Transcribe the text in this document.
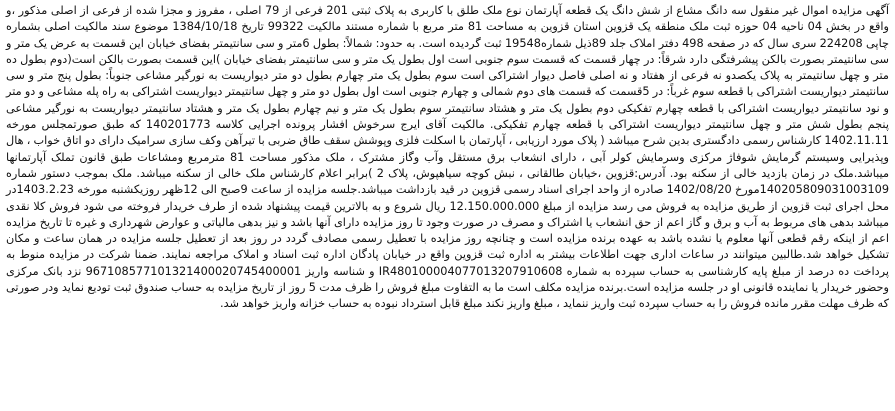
آگهی مزایده اموال غیر منقول سه دانگ مشاع از شش دانگ یک قطعه آپارتمان نوع ملک طلق با کاربری به پلاک ثبتی 201 فرعی از 79 اصلی ، مفروز و مجزا شده از فرعی از اصلی مذکور ،و واقع در بخش 04 ناحیه 04 حوزه ثبت ملک منطقه یک قزوین استان قزوین به مساحت 81 متر مربع با شماره مستند مالکیت 99322 تاریخ 1384/10/18 موضوع سند مالکیت اصلی بشماره چاپی 224208 سری سال که در صفحه 498 دفتر املاک جلد 89ذیل شماره19548 ثبت گردیده است. به حدود: شمالاً: بطول 6متر و سی سانتیمتر بفضای خیابان این قسمت به عرض یک متر و سی سانتیمتر بصورت بالکن پیشرفتگی دارد شرقاً: در چهار قسمت که قسمت سوم جنوبی است اول بطول یک متر و سی سانتیمتر بفضای خیابان )این قسمت بصورت بالکن است(دوم بطول ده متر و چهل سانتیمتر به پلاک یکصدو نه فرعی از هفتاد و نه اصلی فاصل دیوار اشتراکی است سوم بطول یک متر چهارم بطول دو متر دیواریست به نورگیر مشاعی جنوباً: بطول پنج متر و سی سانتیمتر دیواریست اشتراکی با قطعه سوم غرباً: در 5قسمت که قسمت های دوم شمالی و چهارم جنوبی است اول بطول دو متر و چهل سانتیمتر دیواریست اشتراکی به راه پله مشاعی و دو متر و نود سانتیمتر دیواریست اشتراکی با قطعه چهارم تفکیکی دوم بطول یک متر و هشتاد سانتیمتر سوم بطول یک متر و نیم چهارم بطول یک متر و هشتاد سانتیمتر دیواریست به نورگیر مشاعی پنجم بطول شش متر و چهل سانتیمتر دیواریست اشتراکی با قطعه چهارم تفکیکی. مالکیت آقای ایرج سرخوش افشار پرونده اجرایی کلاسه 140201773 که طبق صورتمجلس مورخه 1402.11.11 کارشناس رسمی دادگستری بدین شرح میباشد ( پلاک مورد ارزیابی ، آپارتمان با اسکلت فلزی وپوشش سقف طاق ضربی با تیرآهن وکف سازی سرامیک دارای دو اتاق خواب ، هال وپذیرایی وسیستم گرمایش شوفاژ مرکزی وسرمایش کولر آبی ، دارای انشعاب برق مستقل وآب وگاز مشترک ، ملک مذکور مساحت 81 مترمربع ومشاعات طبق قانون تملک آپارتمانها میباشد.ملک در زمان بازدید خالی از سکنه بود. آدرس:قزوین ،خیابان طالقانی ، نبش کوچه سیاهپوش، پلاک 2 )برابر اعلام کارشناس ملک خالی از سکنه میباشد. ملک بموجب دستور شماره 140205809031003109مورخ 1402/08/20 صادره از واحد اجرای اسناد رسمی قزوین در قید بازداشت میباشد.جلسه مزایده از ساعت 9صبح الی 12ظهر روزیکشنبه مورخه 1403.2.23در محل اجرای ثبت قزوین از طریق مزایده به فروش می رسد مزایده از مبلغ 12.150.000.000 ریال شروع و به بالاترین قیمت پیشنهاد شده از طرف خریدار فروخته می شود فروش کلا نقدی میباشد بدهی های مربوط به آب و برق و گاز اعم از حق انشعاب یا اشتراک و مصرف در صورت وجود تا روز مزایده دارای آنها باشد و نیز بدهی مالیاتی و عوارض شهرداری و غیره تا تاریخ مزایده اعم از اینکه رقم قطعی آنها معلوم یا نشده باشد به عهده برنده مزایده است و چنانچه روز مزایده با تعطیل رسمی مصادف گردد در روز بعد از تعطیل جلسه مزایده در همان ساعت و مکان تشکیل خواهد شد.طالبین میتوانند در ساعات اداری جهت اطلاعات بیشتر به اداره ثبت قزوین واقع در خیابان پادگان اداره ثبت اسناد و املاک مراجعه نمایند. ضمنا شرکت در مزایده منوط به پرداخت ده درصد از مبلغ پایه کارشناسی به حساب سپرده به شماره IR480100004077013207910608 و شناسه واریز 967108577101321400020745400001 نزد بانک مرکزی وحضور خریدار یا نماینده قانونی او در جلسه مزایده است.برنده مزایده مکلف است ما به التفاوت مبلغ فروش را ظرف مدت 5 روز از تاریخ مزایده به حساب صندوق ثبت تودیع نماید ودر صورتی که ظرف مهلت مقرر مانده فروش را به حساب سپرده ثبت واریز ننماید ، مبلغ واریز نکند مبلغ قابل استرداد نبوده به حساب خزانه واریز خواهد شد.
